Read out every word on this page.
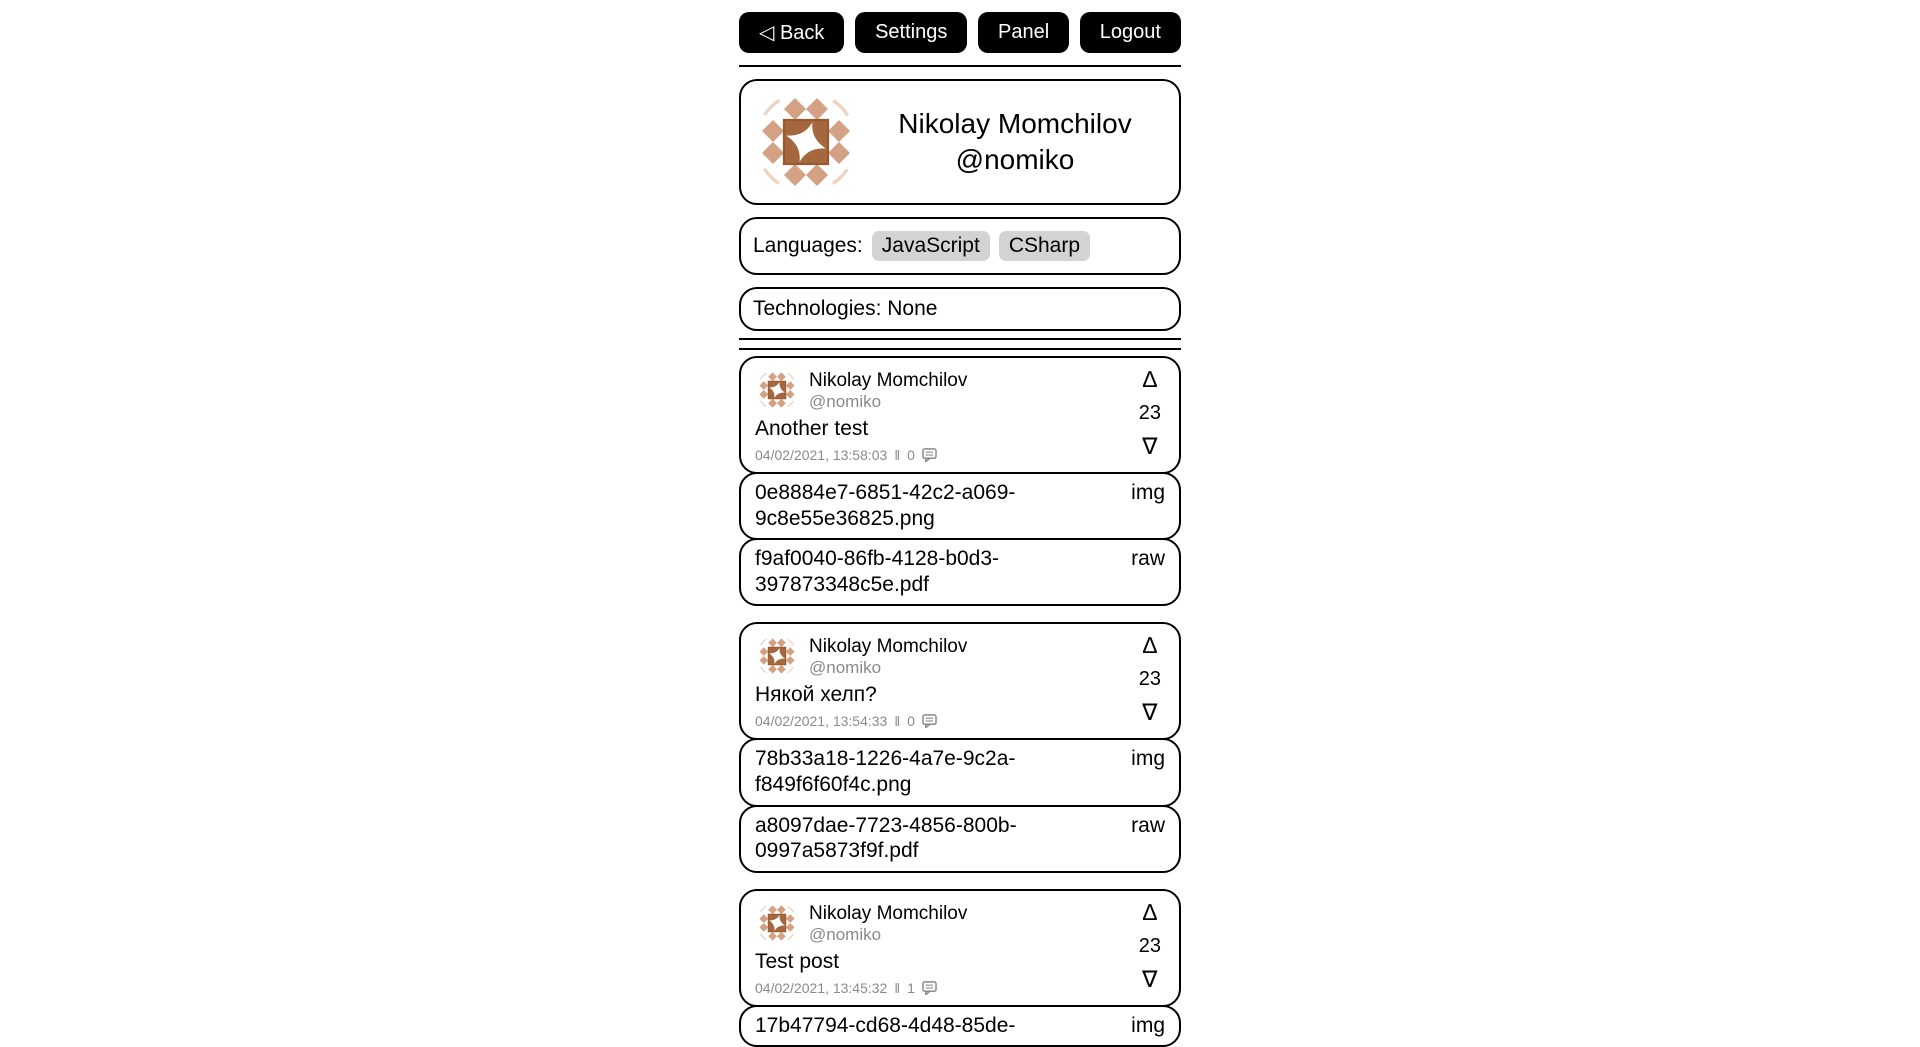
◁ Back	Settings	Panel	Logout
Nikolay Momchilov
@nomiko
Languages: JavaScript	CSharp
Technologies: None
Nikolay Momchilov
@nomiko
Another test
04/02/2021, 13:58:03 ‖ 0
∆
23
∇
0e8884e7-6851-42c2-a069-9c8e55e36825.png
img
f9af0040-86fb-4128-b0d3-397873348c5e.pdf
raw
Nikolay Momchilov
@nomiko
Някой хелп?
04/02/2021, 13:54:33 ‖ 0
∆
23
∇
78b33a18-1226-4a7e-9c2a-f849f6f60f4c.png
img
a8097dae-7723-4856-800b-0997a5873f9f.pdf
raw
Nikolay Momchilov
@nomiko
Test post
04/02/2021, 13:45:32 ‖ 1
∆
23
∇
17b47794-cd68-4d48-85de-	img
